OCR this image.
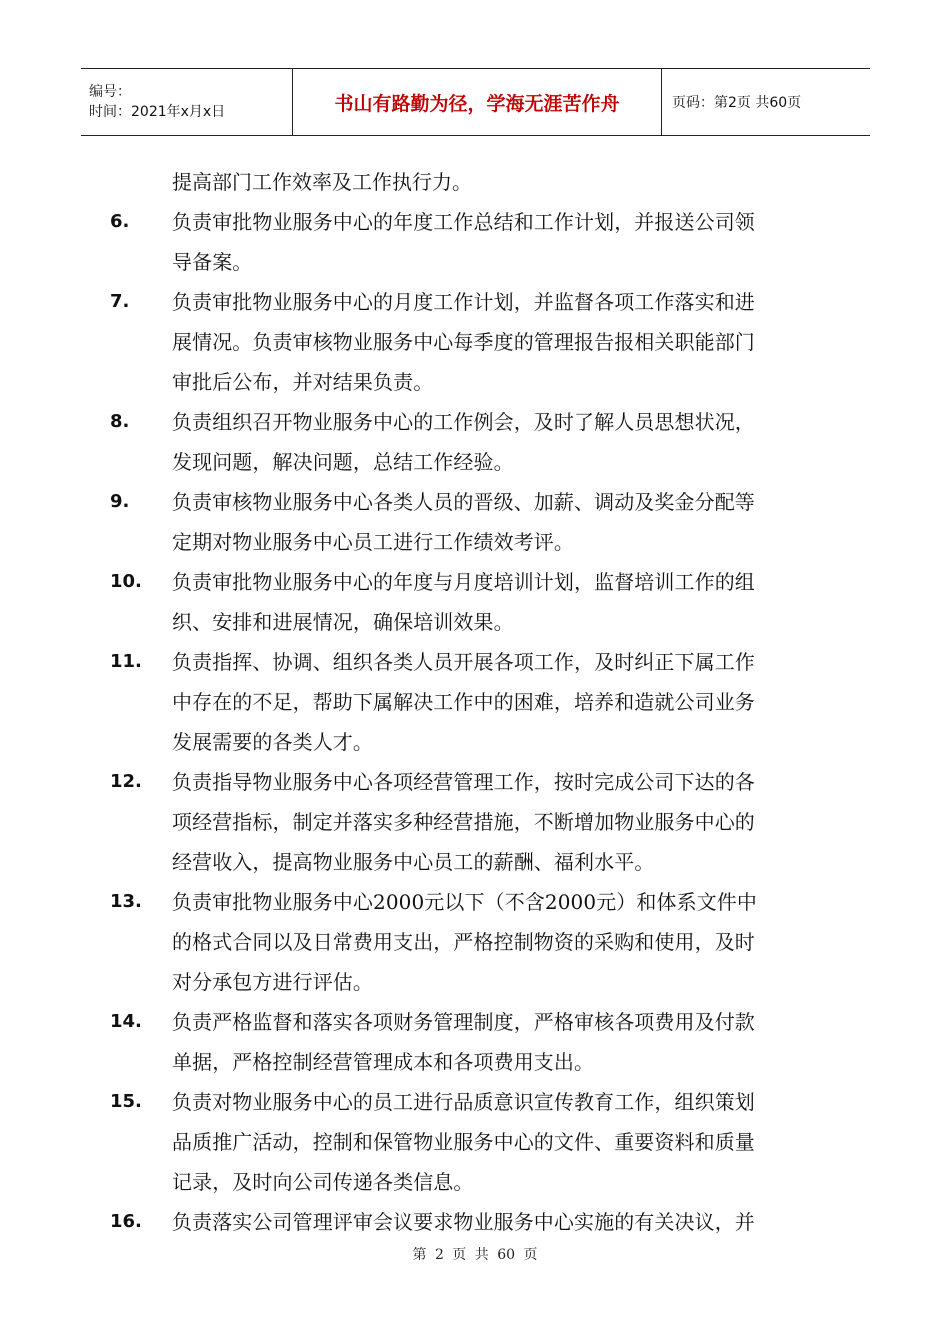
编号：
时间：2021年x月x日	书山有路勤为径，学海无涯苦作舟	页码：第2页 共60页
提高部门工作效率及工作执行力。
6. 负责审批物业服务中心的年度工作总结和工作计划，并报送公司领
导备案。
7. 负责审批物业服务中心的月度工作计划，并监督各项工作落实和进
展情况。负责审核物业服务中心每季度的管理报告报相关职能部门
审批后公布，并对结果负责。
8. 负责组织召开物业服务中心的工作例会，及时了解人员思想状况，
发现问题，解决问题，总结工作经验。
9. 负责审核物业服务中心各类人员的晋级、加薪、调动及奖金分配等
定期对物业服务中心员工进行工作绩效考评。
10. 负责审批物业服务中心的年度与月度培训计划，监督培训工作的组
织、安排和进展情况，确保培训效果。
11. 负责指挥、协调、组织各类人员开展各项工作，及时纠正下属工作
中存在的不足，帮助下属解决工作中的困难，培养和造就公司业务
发展需要的各类人才。
12. 负责指导物业服务中心各项经营管理工作，按时完成公司下达的各
项经营指标，制定并落实多种经营措施，不断增加物业服务中心的
经营收入，提高物业服务中心员工的薪酬、福利水平。
13. 负责审批物业服务中心2000元以下（不含2000元）和体系文件中
的格式合同以及日常费用支出，严格控制物资的采购和使用，及时
对分承包方进行评估。
14. 负责严格监督和落实各项财务管理制度，严格审核各项费用及付款
单据，严格控制经营管理成本和各项费用支出。
15. 负责对物业服务中心的员工进行品质意识宣传教育工作，组织策划
品质推广活动，控制和保管物业服务中心的文件、重要资料和质量
记录，及时向公司传递各类信息。
16. 负责落实公司管理评审会议要求物业服务中心实施的有关决议，并
第 2 页 共 60 页
